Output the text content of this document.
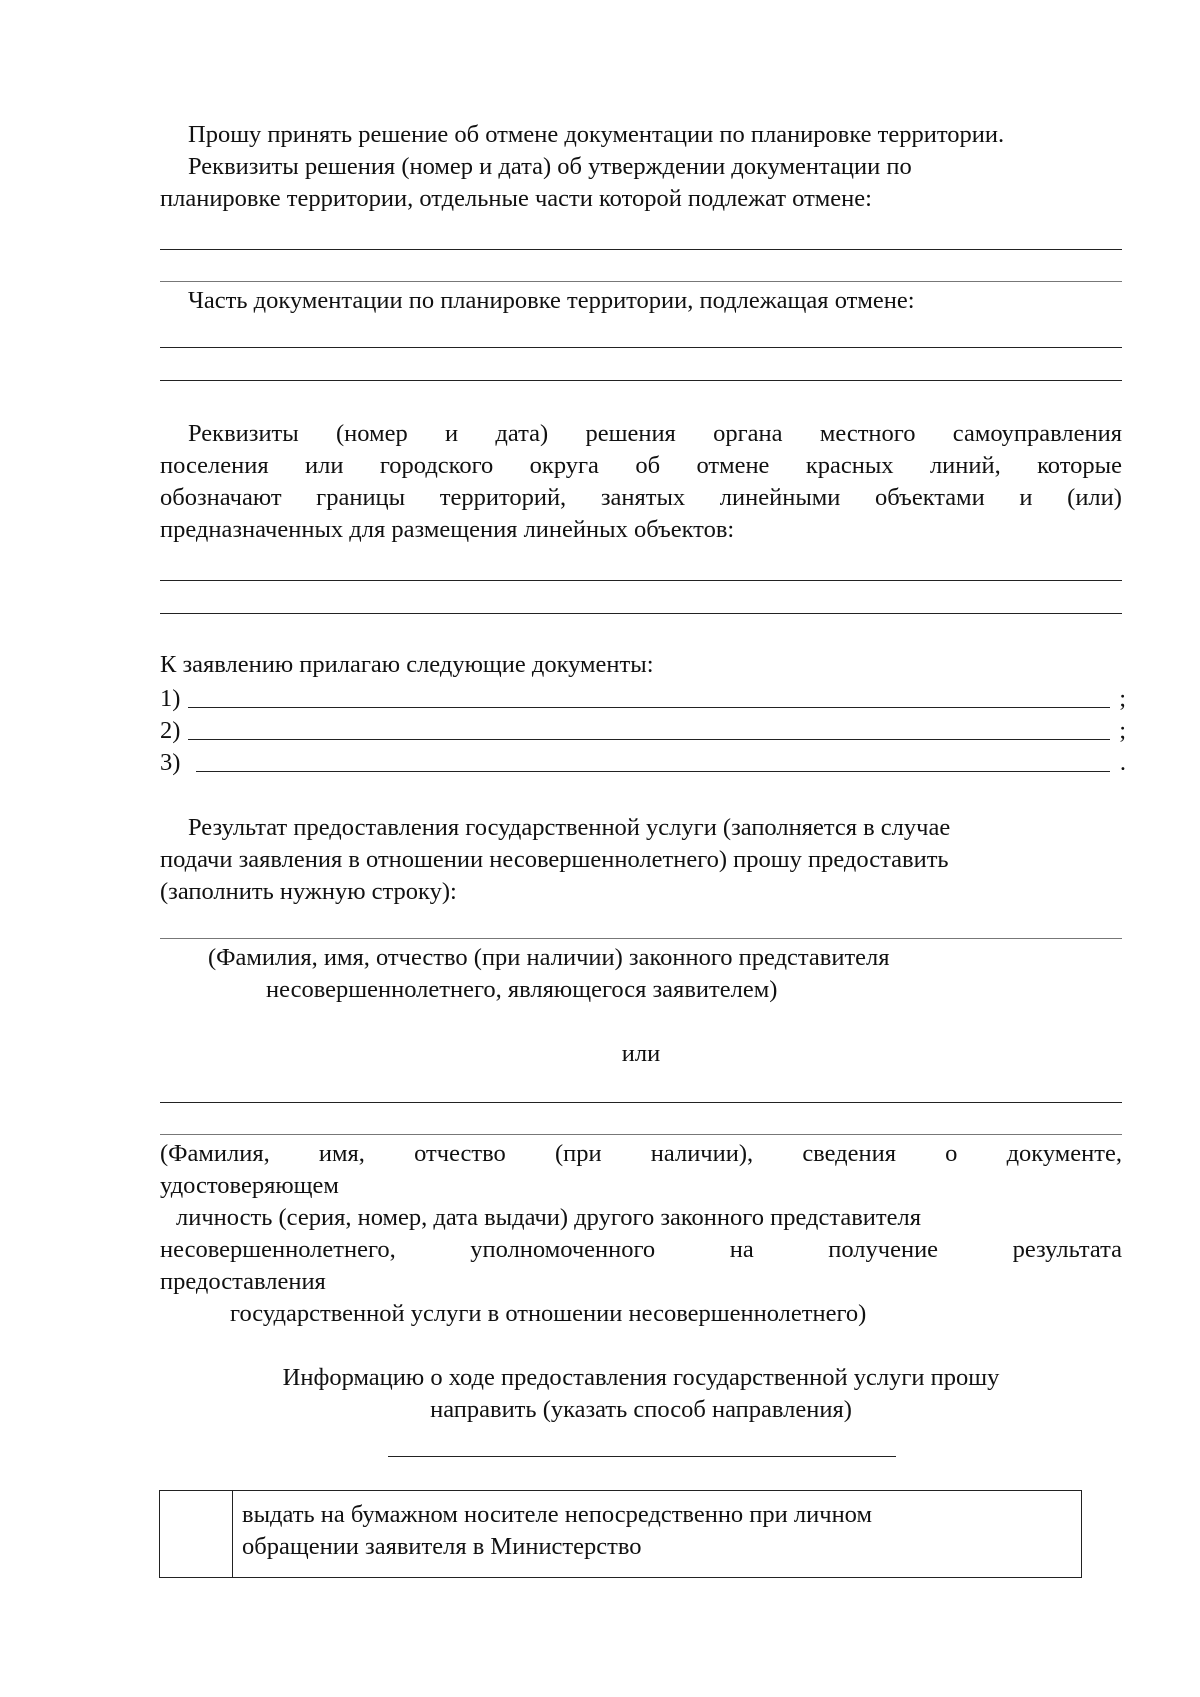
Прошу принять решение об отмене документации по планировке территории.
Реквизиты решения (номер и дата) об утверждении документации по
планировке территории, отдельные части которой подлежат отмене:
Часть документации по планировке территории, подлежащая отмене:
Реквизиты (номер и дата) решения органа местного самоуправления
поселения или городского округа об отмене красных линий, которые
обозначают границы территорий, занятых линейными объектами и (или)
предназначенных для размещения линейных объектов:
К заявлению прилагаю следующие документы:
1)	;
2)	;
3)	.
Результат предоставления государственной услуги (заполняется в случае
подачи заявления в отношении несовершеннолетнего) прошу предоставить
(заполнить нужную строку):
(Фамилия, имя, отчество (при наличии) законного представителя
несовершеннолетнего, являющегося заявителем)
или
(Фамилия, имя, отчество (при наличии), сведения о документе,
удостоверяющем
личность (серия, номер, дата выдачи) другого законного представителя
несовершеннолетнего,	уполномоченного	на	получение	результата
предоставления
государственной услуги в отношении несовершеннолетнего)
Информацию о ходе предоставления государственной услуги прошу
направить (указать способ направления)
выдать на бумажном носителе непосредственно при личном
обращении заявителя в Министерство
